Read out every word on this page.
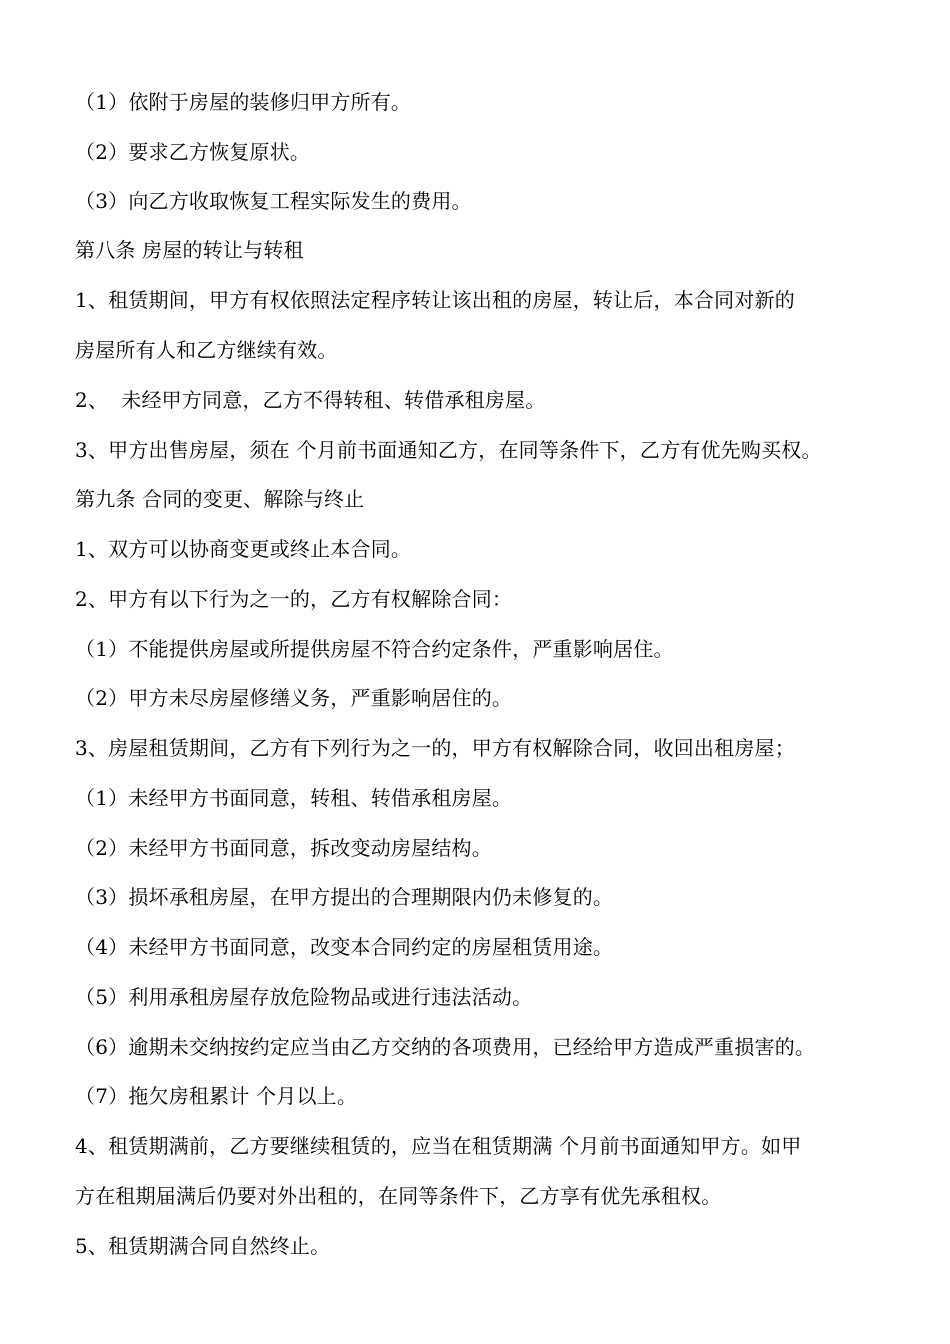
（1）依附于房屋的装修归甲方所有。
（2）要求乙方恢复原状。
（3）向乙方收取恢复工程实际发生的费用。
第八条 房屋的转让与转租
1、租赁期间，甲方有权依照法定程序转让该出租的房屋，转让后，本合同对新的
房屋所有人和乙方继续有效。
2、  未经甲方同意，乙方不得转租、转借承租房屋。
3、甲方出售房屋，须在 个月前书面通知乙方，在同等条件下，乙方有优先购买权。
第九条 合同的变更、解除与终止
1、双方可以协商变更或终止本合同。
2、甲方有以下行为之一的，乙方有权解除合同：
（1）不能提供房屋或所提供房屋不符合约定条件，严重影响居住。
（2）甲方未尽房屋修缮义务，严重影响居住的。
3、房屋租赁期间，乙方有下列行为之一的，甲方有权解除合同，收回出租房屋；
（1）未经甲方书面同意，转租、转借承租房屋。
（2）未经甲方书面同意，拆改变动房屋结构。
（3）损坏承租房屋，在甲方提出的合理期限内仍未修复的。
（4）未经甲方书面同意，改变本合同约定的房屋租赁用途。
（5）利用承租房屋存放危险物品或进行违法活动。
（6）逾期未交纳按约定应当由乙方交纳的各项费用，已经给甲方造成严重损害的。
（7）拖欠房租累计 个月以上。
4、租赁期满前，乙方要继续租赁的，应当在租赁期满 个月前书面通知甲方。如甲
方在租期届满后仍要对外出租的，在同等条件下，乙方享有优先承租权。
5、租赁期满合同自然终止。
